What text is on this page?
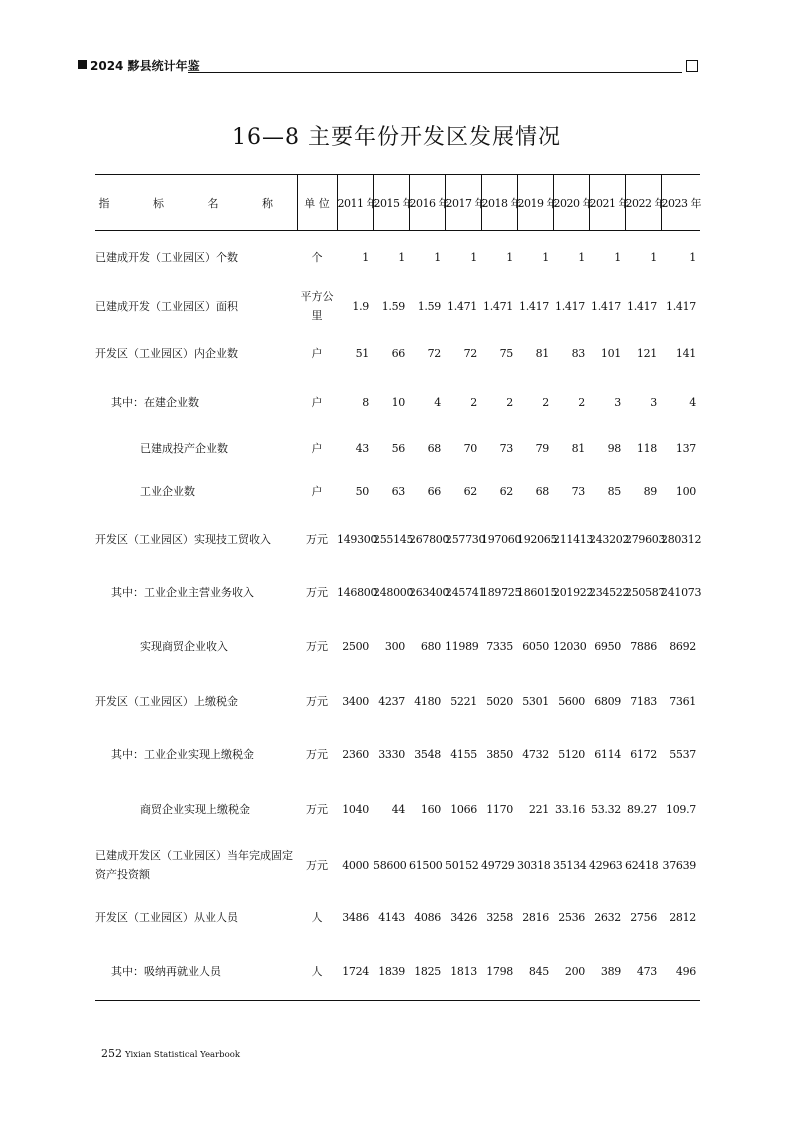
2024 黟县统计年鉴
16—8 主要年份开发区发展情况
指 标 名 称	单 位	2011 年	2015 年	2016 年	2017 年	2018 年	2019 年	2020 年	2021 年	2022 年	2023 年
已建成开发（工业园区）个数	个	1	1	1	1	1	1	1	1	1	1
已建成开发（工业园区）面积	平方公里	1.9	1.59	1.59	1.471	1.471	1.417	1.417	1.417	1.417	1.417
开发区（工业园区）内企业数	户	51	66	72	72	75	81	83	101	121	141
其中：在建企业数	户	8	10	4	2	2	2	2	3	3	4
已建成投产企业数	户	43	56	68	70	73	79	81	98	118	137
工业企业数	户	50	63	66	62	62	68	73	85	89	100
开发区（工业园区）实现技工贸收入	万元	149300	255145	267800	257730	197060	192065	211413	243202	279603	280312
其中：工业企业主营业务收入	万元	146800	248000	263400	245741	189725	186015	201922	234522	250587	241073
实现商贸企业收入	万元	2500	300	680	11989	7335	6050	12030	6950	7886	8692
开发区（工业园区）上缴税金	万元	3400	4237	4180	5221	5020	5301	5600	6809	7183	7361
其中：工业企业实现上缴税金	万元	2360	3330	3548	4155	3850	4732	5120	6114	6172	5537
商贸企业实现上缴税金	万元	1040	44	160	1066	1170	221	33.16	53.32	89.27	109.7
已建成开发区（工业园区）当年完成固定资产投资额	万元	4000	58600	61500	50152	49729	30318	35134	42963	62418	37639
开发区（工业园区）从业人员	人	3486	4143	4086	3426	3258	2816	2536	2632	2756	2812
其中：吸纳再就业人员	人	1724	1839	1825	1813	1798	845	200	389	473	496
252 Yixian Statistical Yearbook
